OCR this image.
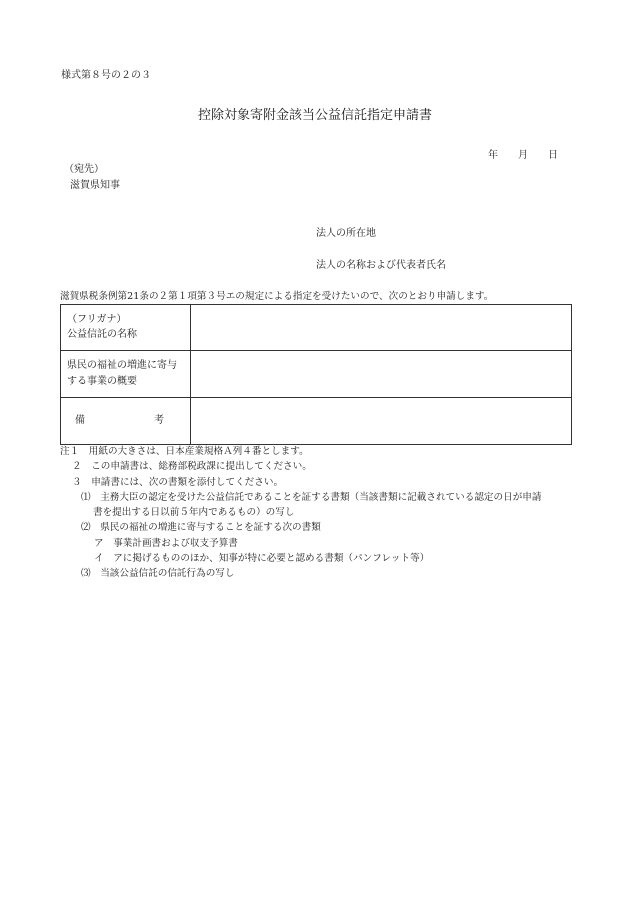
様式第８号の２の３
控除対象寄附金該当公益信託指定申請書
年 月 日
（宛先）
滋賀県知事
法人の所在地
法人の名称および代表者氏名
滋賀県税条例第21条の２第１項第３号エの規定による指定を受けたいので、次のとおり申請します。
（フリガナ）
公益信託の名称	

県民の福祉の増進に寄与
する事業の概要	

備 考	

注１　 用紙の大きさは、日本産業規格Ａ列４番とします。
２　 この申請書は、総務部税政課に提出してください。
３　 申請書には、次の書類を添付してください。
⑴　 主務大臣の認定を受けた公益信託であることを証する書類（当該書類に記載されている認定の日が申請
書を提出する日以前５年内であるもの）の写し
⑵　 県民の福祉の増進に寄与することを証する次の書類
ア　 事業計画書および収支予算書
イ　 アに掲げるもののほか、知事が特に必要と認める書類（パンフレット等）
⑶　 当該公益信託の信託行為の写し
